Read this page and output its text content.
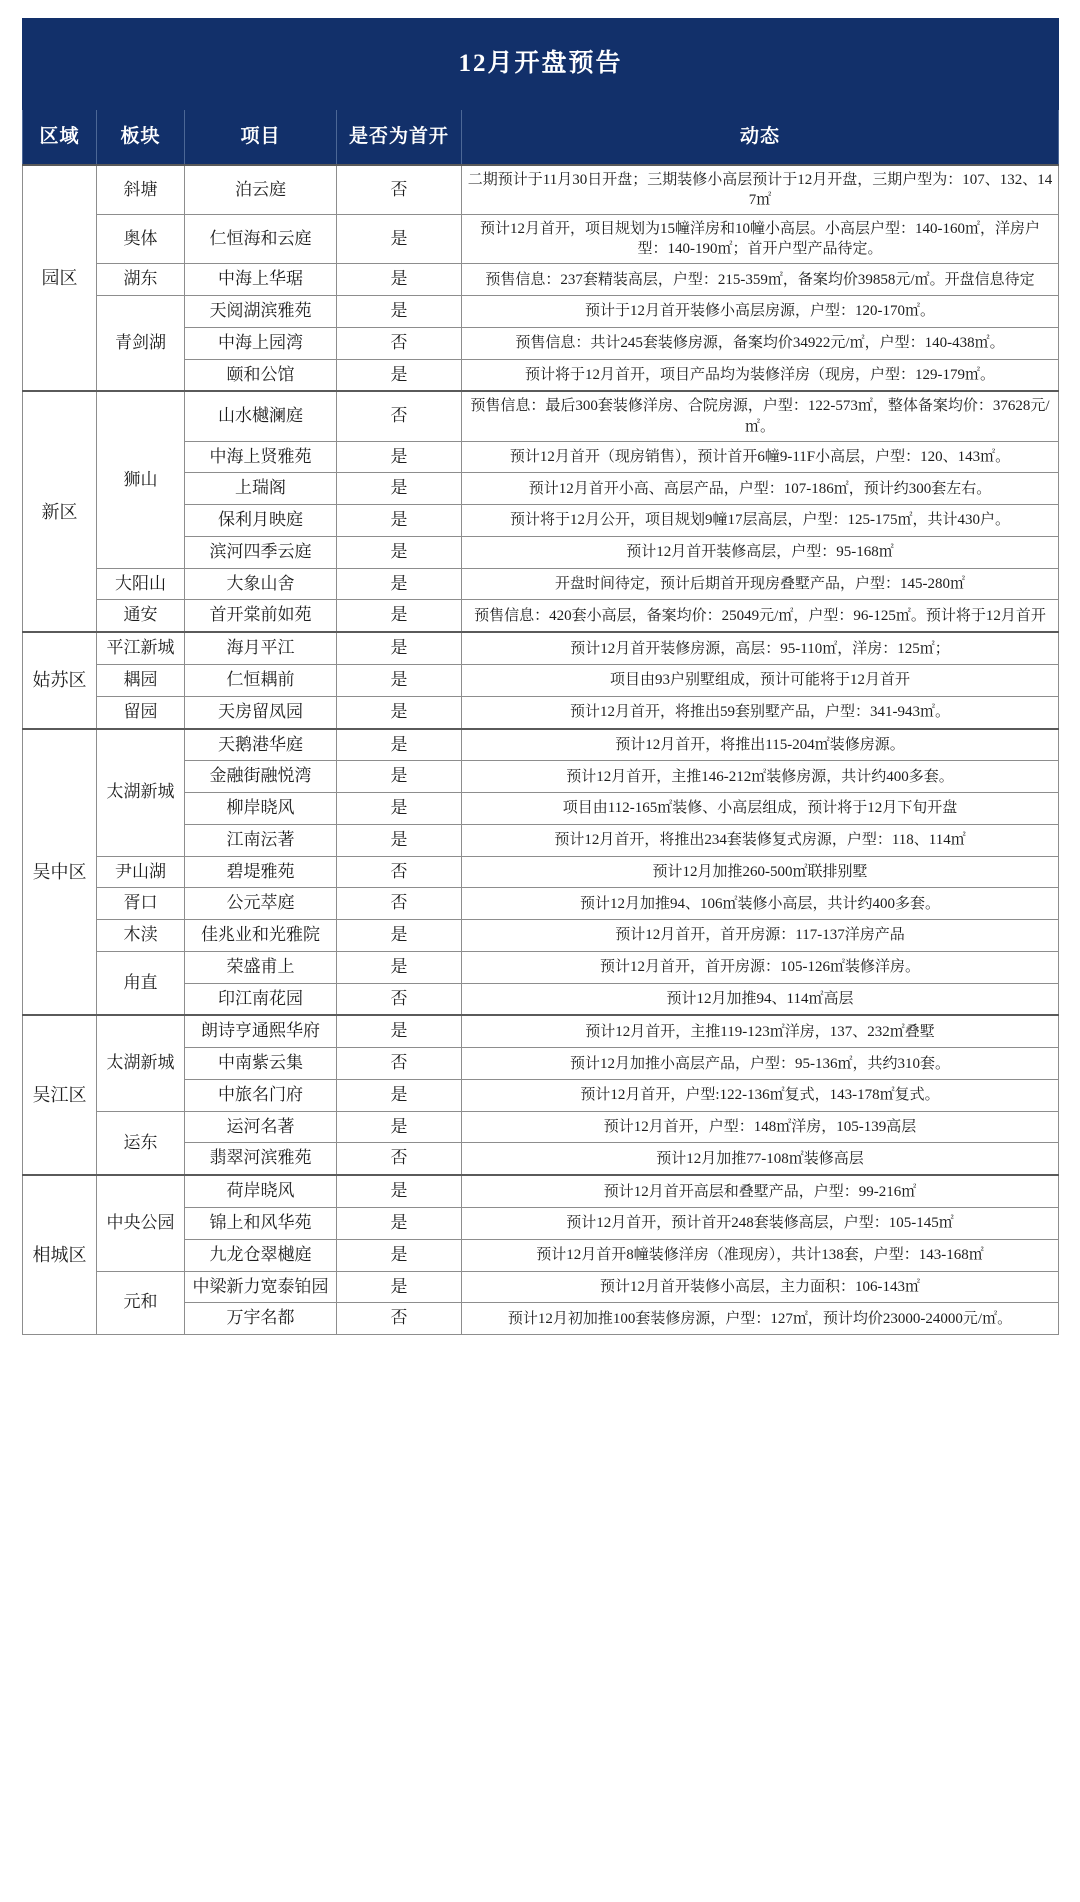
12月开盘预告				
区域	板块	项目	是否为首开	动态
园区	斜塘	泊云庭	否	二期预计于11月30日开盘；三期装修小高层预计于12月开盘，三期户型为：107、132、147㎡
	奥体	仁恒海和云庭	是	预计12月首开，项目规划为15幢洋房和10幢小高层。小高层户型：140-160㎡，洋房户型：140-190㎡；首开户型产品待定。
	湖东	中海上华琚	是	预售信息：237套精装高层，户型：215-359㎡，备案均价39858元/㎡。开盘信息待定
	青剑湖	天阅湖滨雅苑	是	预计于12月首开装修小高层房源，户型：120-170㎡。
		中海上园湾	否	预售信息：共计245套装修房源，备案均价34922元/㎡，户型：140-438㎡。
		颐和公馆	是	预计将于12月首开，项目产品均为装修洋房（现房，户型：129-179㎡。
新区	狮山	山水樾澜庭	否	预售信息：最后300套装修洋房、合院房源，户型：122-573㎡，整体备案均价：37628元/㎡。
		中海上贤雅苑	是	预计12月首开（现房销售），预计首开6幢9-11F小高层，户型：120、143㎡。
		上瑞阁	是	预计12月首开小高、高层产品，户型：107-186㎡，预计约300套左右。
		保利月映庭	是	预计将于12月公开，项目规划9幢17层高层，户型：125-175㎡，共计430户。
		滨河四季云庭	是	预计12月首开装修高层，户型：95-168㎡
	大阳山	大象山舍	是	开盘时间待定，预计后期首开现房叠墅产品，户型：145-280㎡
	通安	首开棠前如苑	是	预售信息：420套小高层，备案均价：25049元/㎡，户型：96-125㎡。预计将于12月首开
姑苏区	平江新城	海月平江	是	预计12月首开装修房源，高层：95-110㎡，洋房：125㎡；
	耦园	仁恒耦前	是	项目由93户别墅组成，预计可能将于12月首开
	留园	天房留凤园	是	预计12月首开，将推出59套别墅产品，户型：341-943㎡。
吴中区	太湖新城	天鹅港华庭	是	预计12月首开，将推出115-204㎡装修房源。
		金融街融悦湾	是	预计12月首开，主推146-212㎡装修房源，共计约400多套。
		柳岸晓风	是	项目由112-165㎡装修、小高层组成，预计将于12月下旬开盘
		江南沄著	是	预计12月首开，将推出234套装修复式房源，户型：118、114㎡
	尹山湖	碧堤雅苑	否	预计12月加推260-500㎡联排别墅
	胥口	公元萃庭	否	预计12月加推94、106㎡装修小高层，共计约400多套。
	木渎	佳兆业和光雅院	是	预计12月首开，首开房源：117-137洋房产品
	甪直	荣盛甫上	是	预计12月首开，首开房源：105-126㎡装修洋房。
		印江南花园	否	预计12月加推94、114㎡高层
吴江区	太湖新城	朗诗亨通熙华府	是	预计12月首开，主推119-123㎡洋房，137、232㎡叠墅
		中南紫云集	否	预计12月加推小高层产品，户型：95-136㎡，共约310套。
		中旅名门府	是	预计12月首开，户型:122-136㎡复式，143-178㎡复式。
	运东	运河名著	是	预计12月首开，户型：148㎡洋房，105-139高层
		翡翠河滨雅苑	否	预计12月加推77-108㎡装修高层
相城区	中央公园	荷岸晓风	是	预计12月首开高层和叠墅产品，户型：99-216㎡
		锦上和风华苑	是	预计12月首开，预计首开248套装修高层，户型：105-145㎡
		九龙仓翠樾庭	是	预计12月首开8幢装修洋房（准现房），共计138套，户型：143-168㎡
	元和	中梁新力宽泰铂园	是	预计12月首开装修小高层，主力面积：106-143㎡
		万宇名都	否	预计12月初加推100套装修房源，户型：127㎡，预计均价23000-24000元/㎡。
